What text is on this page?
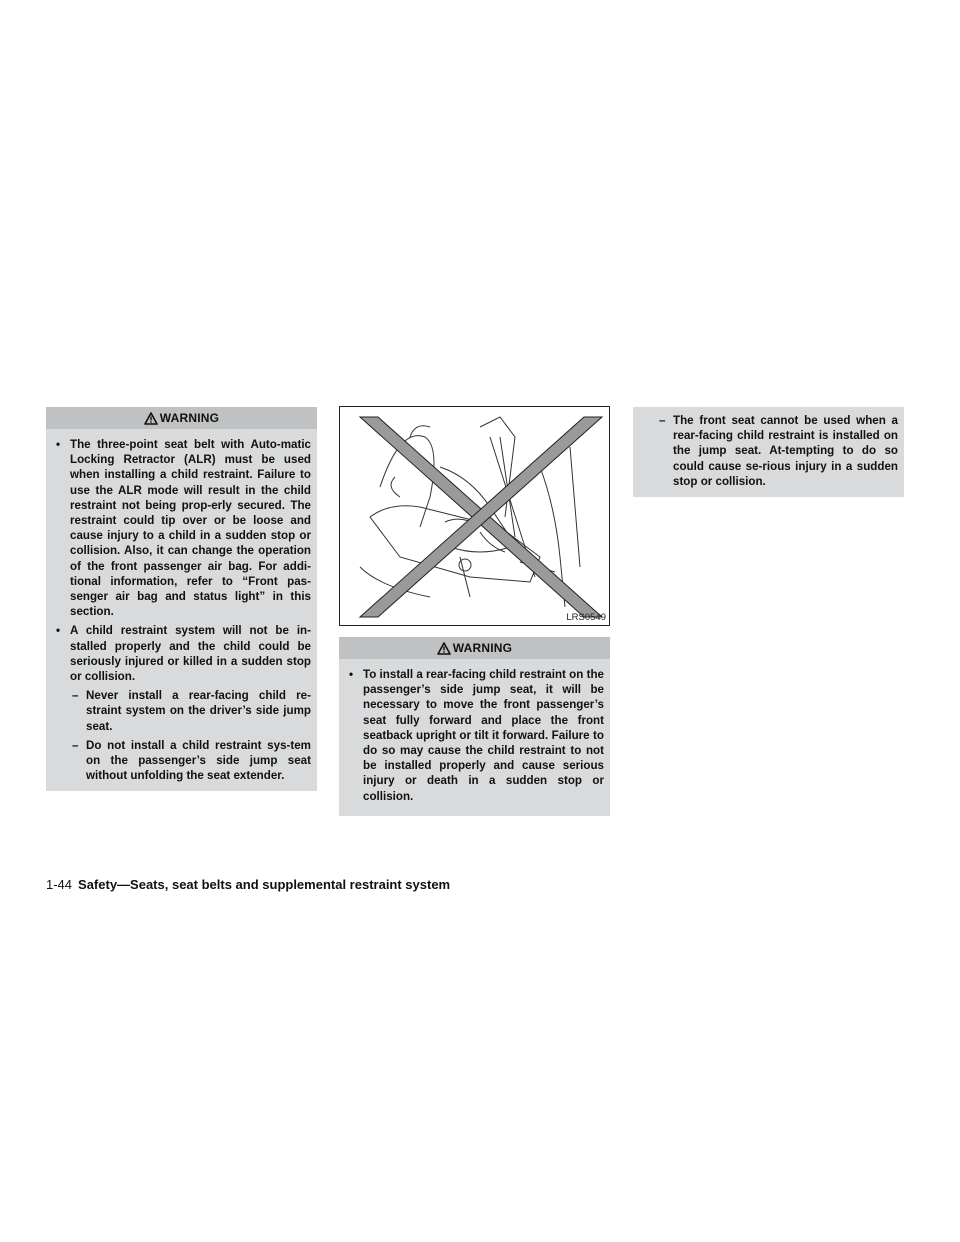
WARNING
• The three-point seat belt with Auto-matic Locking Retractor (ALR) must be used when installing a child restraint. Failure to use the ALR mode will result in the child restraint not being prop-erly secured. The restraint could tip over or be loose and cause injury to a child in a sudden stop or collision. Also, it can change the operation of the front passenger air bag. For addi-tional information, refer to “Front pas-senger air bag and status light” in this section.
• A child restraint system will not be in-stalled properly and the child could be seriously injured or killed in a sudden stop or collision.
– Never install a rear-facing child re-straint system on the driver’s side jump seat.
– Do not install a child restraint sys-tem on the passenger’s side jump seat without unfolding the seat extender.
LRS0549
WARNING
• To install a rear-facing child restraint on the passenger’s side jump seat, it will be necessary to move the front passenger’s seat fully forward and place the front seatback upright or tilt it forward. Failure to do so may cause the child restraint to not be installed properly and cause serious injury or death in a sudden stop or collision.
– The front seat cannot be used when a rear-facing child restraint is installed on the jump seat. At-tempting to do so could cause se-rious injury in a sudden stop or collision.
1-44 Safety—Seats, seat belts and supplemental restraint system
